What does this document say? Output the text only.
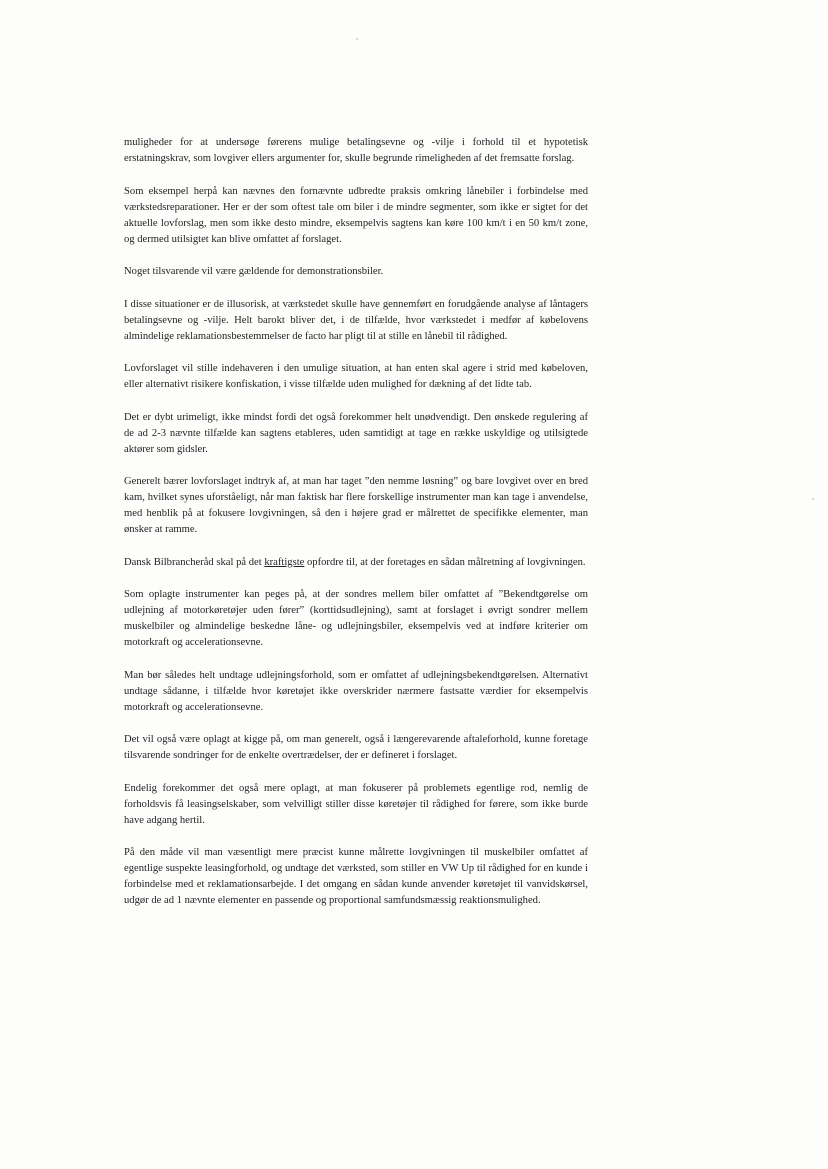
muligheder for at undersøge førerens mulige betalingsevne og -vilje i forhold til et hypotetisk erstatningskrav, som lovgiver ellers argumenter for, skulle begrunde rimeligheden af det fremsatte forslag.

Som eksempel herpå kan nævnes den fornævnte udbredte praksis omkring lånebiler i forbindelse med værkstedsreparationer. Her er der som oftest tale om biler i de mindre segmenter, som ikke er sigtet for det aktuelle lovforslag, men som ikke desto mindre, eksempelvis sagtens kan køre 100 km/t i en 50 km/t zone, og dermed utilsigtet kan blive omfattet af forslaget.

Noget tilsvarende vil være gældende for demonstrationsbiler.

I disse situationer er de illusorisk, at værkstedet skulle have gennemført en forudgående analyse af låntagers betalingsevne og -vilje. Helt barokt bliver det, i de tilfælde, hvor værkstedet i medfør af købelovens almindelige reklamationsbestemmelser de facto har pligt til at stille en lånebil til rådighed.

Lovforslaget vil stille indehaveren i den umulige situation, at han enten skal agere i strid med købeloven, eller alternativt risikere konfiskation, i visse tilfælde uden mulighed for dækning af det lidte tab.

Det er dybt urimeligt, ikke mindst fordi det også forekommer helt unødvendigt. Den ønskede regulering af de ad 2-3 nævnte tilfælde kan sagtens etableres, uden samtidigt at tage en række uskyldige og utilsigtede aktører som gidsler.

Generelt bærer lovforslaget indtryk af, at man har taget ”den nemme løsning” og bare lovgivet over en bred kam, hvilket synes uforståeligt, når man faktisk har flere forskellige instrumenter man kan tage i anvendelse, med henblik på at fokusere lovgivningen, så den i højere grad er målrettet de specifikke elementer, man ønsker at ramme.

Dansk Bilbrancheråd skal på det kraftigste opfordre til, at der foretages en sådan målretning af lovgivningen.

Som oplagte instrumenter kan peges på, at der sondres mellem biler omfattet af ”Bekendtgørelse om udlejning af motorkøretøjer uden fører” (korttidsudlejning), samt at forslaget i øvrigt sondrer mellem muskelbiler og almindelige beskedne låne- og udlejningsbiler, eksempelvis ved at indføre kriterier om motorkraft og accelerationsevne.

Man bør således helt undtage udlejningsforhold, som er omfattet af udlejningsbekendtgørelsen. Alternativt undtage sådanne, i tilfælde hvor køretøjet ikke overskrider nærmere fastsatte værdier for eksempelvis motorkraft og accelerationsevne.

Det vil også være oplagt at kigge på, om man generelt, også i længerevarende aftaleforhold, kunne foretage tilsvarende sondringer for de enkelte overtrædelser, der er defineret i forslaget.

Endelig forekommer det også mere oplagt, at man fokuserer på problemets egentlige rod, nemlig de forholdsvis få leasingselskaber, som velvilligt stiller disse køretøjer til rådighed for førere, som ikke burde have adgang hertil.

På den måde vil man væsentligt mere præcist kunne målrette lovgivningen til muskelbiler omfattet af egentlige suspekte leasingforhold, og undtage det værksted, som stiller en VW Up til rådighed for en kunde i forbindelse med et reklamationsarbejde. I det omgang en sådan kunde anvender køretøjet til vanvidskørsel, udgør de ad 1 nævnte elementer en passende og proportional samfundsmæssig reaktionsmulighed.
